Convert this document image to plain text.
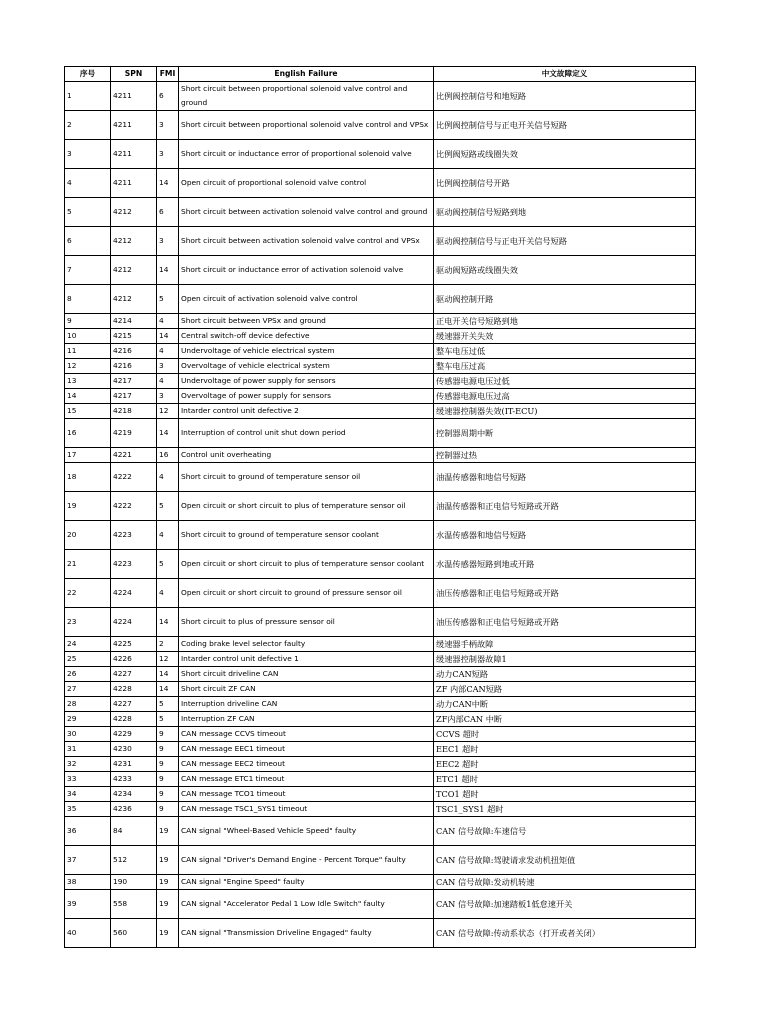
序号	SPN	FMI	English Failure	中文故障定义
1	4211	6	Short circuit between proportional solenoid valve control and ground	比例阀控制信号和地短路
2	4211	3	Short circuit between proportional solenoid valve control and VPSx	比例阀控制信号与正电开关信号短路
3	4211	3	Short circuit or inductance error of proportional solenoid valve	比例阀短路或线圈失效
4	4211	14	Open circuit of proportional solenoid valve control	比例阀控制信号开路
5	4212	6	Short circuit between activation solenoid valve control and ground	驱动阀控制信号短路到地
6	4212	3	Short circuit between activation solenoid valve control and VPSx	驱动阀控制信号与正电开关信号短路
7	4212	14	Short circuit or inductance error of activation solenoid valve	驱动阀短路或线圈失效
8	4212	5	Open circuit of activation solenoid valve control	驱动阀控制开路
9	4214	4	Short circuit between VPSx and ground	正电开关信号短路到地
10	4215	14	Central switch-off device defective	缓速器开关失效
11	4216	4	Undervoltage of vehicle electrical system	整车电压过低
12	4216	3	Overvoltage of vehicle electrical system	整车电压过高
13	4217	4	Undervoltage of power supply for sensors	传感器电源电压过低
14	4217	3	Overvoltage of power supply for sensors	传感器电源电压过高
15	4218	12	Intarder control unit defective 2	缓速器控制器失效(IT-ECU)
16	4219	14	Interruption of control unit shut down period	控制器周期中断
17	4221	16	Control unit overheating	控制器过热
18	4222	4	Short circuit to ground of temperature sensor oil	油温传感器和地信号短路
19	4222	5	Open circuit or short circuit to plus of temperature sensor oil	油温传感器和正电信号短路或开路
20	4223	4	Short circuit to ground of temperature sensor coolant	水温传感器和地信号短路
21	4223	5	Open circuit or short circuit to plus of temperature sensor coolant	水温传感器短路到地或开路
22	4224	4	Open circuit or short circuit to ground of pressure sensor oil	油压传感器和正电信号短路或开路
23	4224	14	Short circuit to plus of pressure sensor oil	油压传感器和正电信号短路或开路
24	4225	2	Coding brake level selector faulty	缓速器手柄故障
25	4226	12	Intarder control unit defective 1	缓速器控制器故障1
26	4227	14	Short circuit driveline CAN	动力CAN短路
27	4228	14	Short circuit ZF CAN	ZF 内部CAN短路
28	4227	5	Interruption driveline CAN	动力CAN中断
29	4228	5	Interruption ZF CAN	ZF内部CAN 中断
30	4229	9	CAN message CCVS timeout	CCVS 超时
31	4230	9	CAN message EEC1 timeout	EEC1 超时
32	4231	9	CAN message EEC2 timeout	EEC2 超时
33	4233	9	CAN message ETC1 timeout	ETC1 超时
34	4234	9	CAN message TCO1 timeout	TCO1 超时
35	4236	9	CAN message TSC1_SYS1 timeout	TSC1_SYS1 超时
36	84	19	CAN signal "Wheel-Based Vehicle Speed" faulty	CAN 信号故障:车速信号
37	512	19	CAN signal "Driver's Demand Engine - Percent Torque" faulty	CAN 信号故障:驾驶请求发动机扭矩值
38	190	19	CAN signal "Engine Speed" faulty	CAN 信号故障:发动机转速
39	558	19	CAN signal "Accelerator Pedal 1 Low Idle Switch" faulty	CAN 信号故障:加速踏板1低怠速开关
40	560	19	CAN signal "Transmission Driveline Engaged" faulty	CAN 信号故障:传动系状态（打开或者关闭）
